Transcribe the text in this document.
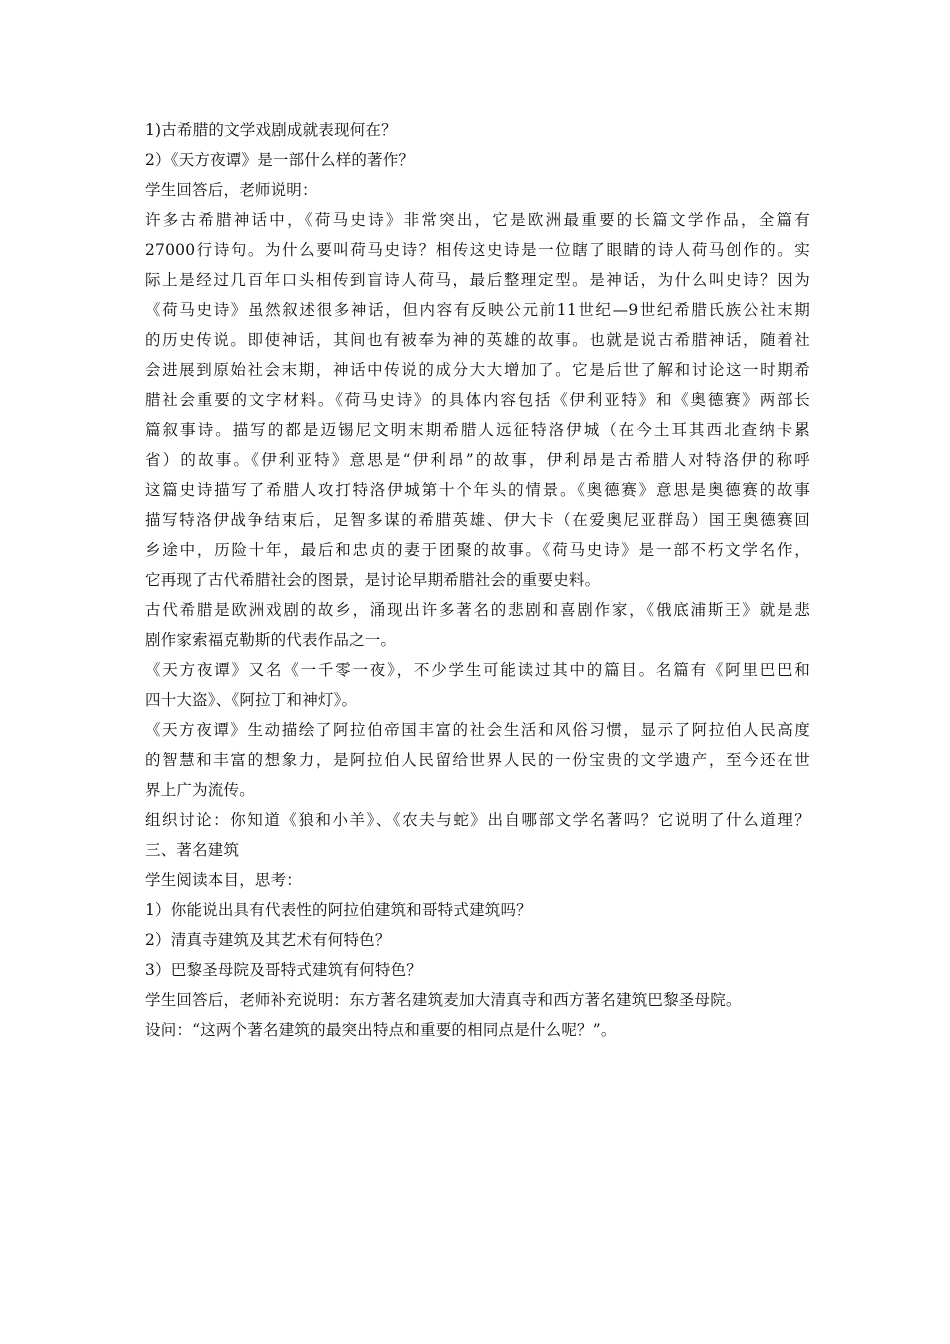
1)古希腊的文学戏剧成就表现何在？
2）《天方夜谭》是一部什么样的著作？
学生回答后，老师说明：
许多古希腊神话中，《荷马史诗》非常突出，它是欧洲最重要的长篇文学作品，全篇有
27000行诗句。为什么要叫荷马史诗？相传这史诗是一位瞎了眼睛的诗人荷马创作的。实
际上是经过几百年口头相传到盲诗人荷马，最后整理定型。是神话，为什么叫史诗？因为
《荷马史诗》虽然叙述很多神话，但内容有反映公元前11世纪—9世纪希腊氏族公社末期
的历史传说。即使神话，其间也有被奉为神的英雄的故事。也就是说古希腊神话，随着社
会进展到原始社会末期，神话中传说的成分大大增加了。它是后世了解和讨论这一时期希
腊社会重要的文字材料。《荷马史诗》的具体内容包括《伊利亚特》和《奥德赛》两部长
篇叙事诗。描写的都是迈锡尼文明末期希腊人远征特洛伊城（在今土耳其西北查纳卡累
省）的故事。《伊利亚特》意思是“伊利昂”的故事，伊利昂是古希腊人对特洛伊的称呼
这篇史诗描写了希腊人攻打特洛伊城第十个年头的情景。《奥德赛》意思是奥德赛的故事
描写特洛伊战争结束后，足智多谋的希腊英雄、伊大卡（在爱奥尼亚群岛）国王奥德赛回
乡途中，历险十年，最后和忠贞的妻于团聚的故事。《荷马史诗》是一部不朽文学名作，
它再现了古代希腊社会的图景，是讨论早期希腊社会的重要史料。
古代希腊是欧洲戏剧的故乡，涌现出许多著名的悲剧和喜剧作家，《俄底浦斯王》就是悲
剧作家索福克勒斯的代表作品之一。
《天方夜谭》又名《一千零一夜》，不少学生可能读过其中的篇目。名篇有《阿里巴巴和
四十大盗》、《阿拉丁和神灯》。
《天方夜谭》生动描绘了阿拉伯帝国丰富的社会生活和风俗习惯，显示了阿拉伯人民高度
的智慧和丰富的想象力，是阿拉伯人民留给世界人民的一份宝贵的文学遗产，至今还在世
界上广为流传。
组织讨论：你知道《狼和小羊》、《农夫与蛇》出自哪部文学名著吗？它说明了什么道理？
三、著名建筑
学生阅读本目，思考：
1）你能说出具有代表性的阿拉伯建筑和哥特式建筑吗？
2）清真寺建筑及其艺术有何特色？
3）巴黎圣母院及哥特式建筑有何特色？
学生回答后，老师补充说明：东方著名建筑麦加大清真寺和西方著名建筑巴黎圣母院。
设问：“这两个著名建筑的最突出特点和重要的相同点是什么呢？”。
